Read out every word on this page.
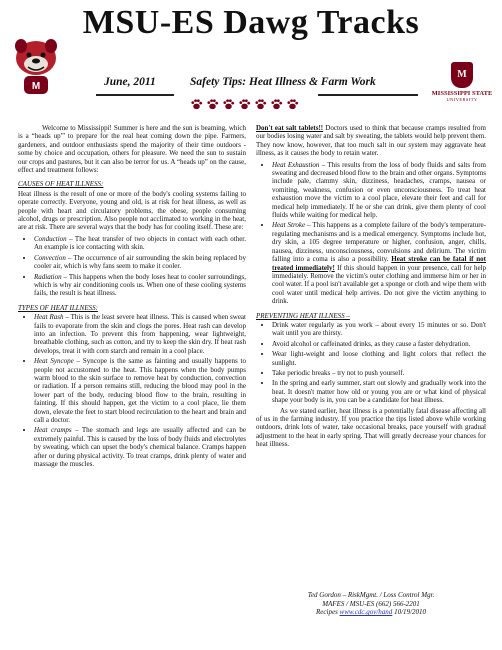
MSU-ES Dawg Tracks
M
M
MISSISSIPPI STATE
UNIVERSITY
June, 2011	Safety Tips: Heat Illness & Farm Work

Welcome to Mississippi! Summer is here and the sun is beaming, which is a “heads up”' to prepare for the real heat coming down the pipe. Farmers, gardeners, and outdoor enthusiasts spend the majority of their time outdoors - some by choice and occupation, others for pleasure. We need the sun to sustain our crops and pastures, but it can also be terror for us. A “heads up” on the cause, effect and treatment follows:

CAUSES OF HEAT ILLNESS:

Heat illness is the result of one or more of the body's cooling systems failing to operate correctly. Everyone, young and old, is at risk for heat illness, as well as people with heart and circulatory problems, the obese, people consuming alcohol, drugs or prescription. Also people not acclimated to working in the heat, are at risk. There are several ways that the body has for cooling itself. These are:

• Conduction – The heat transfer of two objects in contact with each other. An example is ice contacting with skin.
• Convection – The occurrence of air surrounding the skin being replaced by cooler air, which is why fans seem to make it cooler.
• Radiation – This happens when the body loses heat to cooler surroundings, which is why air conditioning cools us. When one of these cooling systems fails, the result is heat illness.
TYPES OF HEAT ILLNESS:
• Heat Rash – This is the least severe heat illness. This is caused when sweat fails to evaporate from the skin and clogs the pores. Heat rash can develop into an infection. To prevent this from happening, wear lightweight, breathable clothing, such as cotton, and try to keep the skin dry. If heat rash develops, treat it with corn starch and remain in a cool place.
• Heat Syncope – Syncope is the same as fainting and usually happens to people not accustomed to the heat. This happens when the body pumps warm blood to the skin surface to remove heat by conduction, convection or radiation. If a person remains still, reducing the blood may pool in the lower part of the body, reducing blood flow to the brain, resulting in fainting. If this should happen, get the victim to a cool place, lie them down, elevate the feet to start blood recirculation to the heart and brain and call a doctor.
• Heat cramps – The stomach and legs are usually affected and can be extremely painful. This is caused by the loss of body fluids and electrolytes by sweating, which can upset the body's chemical balance. Cramps happen after or during physical activity. To treat cramps, drink plenty of water and massage the muscles.

Don't eat salt tablets!! Doctors used to think that because cramps resulted from our bodies losing water and salt by sweating, the tablets would help prevent them. They now know, however, that too much salt in our system may aggravate heat illness, as it causes the body to retain water.

• Heat Exhaustion – This results from the loss of body fluids and salts from sweating and decreased blood flow to the brain and other organs. Symptoms include pale, clammy skin, dizziness, headaches, cramps, nausea or vomiting, weakness, confusion or even unconsciousness. To treat heat exhaustion move the victim to a cool place, elevate their feet and call for medical help immediately. If he or she can drink, give them plenty of cool fluids while waiting for medical help.
• Heat Stroke – This happens as a complete failure of the body's temperature-regulating mechanisms and is a medical emergency. Symptoms include hot, dry skin, a 105 degree temperature or higher, confusion, anger, chills, nausea, dizziness, unconsciousness, convulsions and delirium. The victim falling into a coma is also a possibility. Heat stroke can be fatal if not treated immediately! If this should happen in your presence, call for help immediately. Remove the victim's outer clothing and immerse him or her in cool water. If a pool isn't available get a sponge or cloth and wipe them with cool water until medical help arrives. Do not give the victim anything to drink.
PREVENTING HEAT ILLNESS –
• Drink water regularly as you work – about every 15 minutes or so. Don't wait until you are thirsty.
• Avoid alcohol or caffeinated drinks, as they cause a faster dehydration.
• Wear light-weight and loose clothing and light colors that reflect the sunlight.
• Take periodic breaks – try not to push yourself.
• In the spring and early summer, start out slowly and gradually work into the heat. It doesn't matter how old or young you are or what kind of physical shape your body is in, you can be a candidate for heat illness.

As we stated earlier, heat illness is a potentially fatal disease affecting all of us in the farming industry. If you practice the tips listed above while working outdoors, drink lots of water, take occasional breaks, pace yourself with gradual adjustment to the heat in early spring. That will greatly decrease your chances for heat illness.

Ted Gordon – RiskMgmt. / Loss Control Mgr.
MAFES / MSU-ES (662) 566-2201
Recipes www.cdc.gov/hand 10/19/2010
